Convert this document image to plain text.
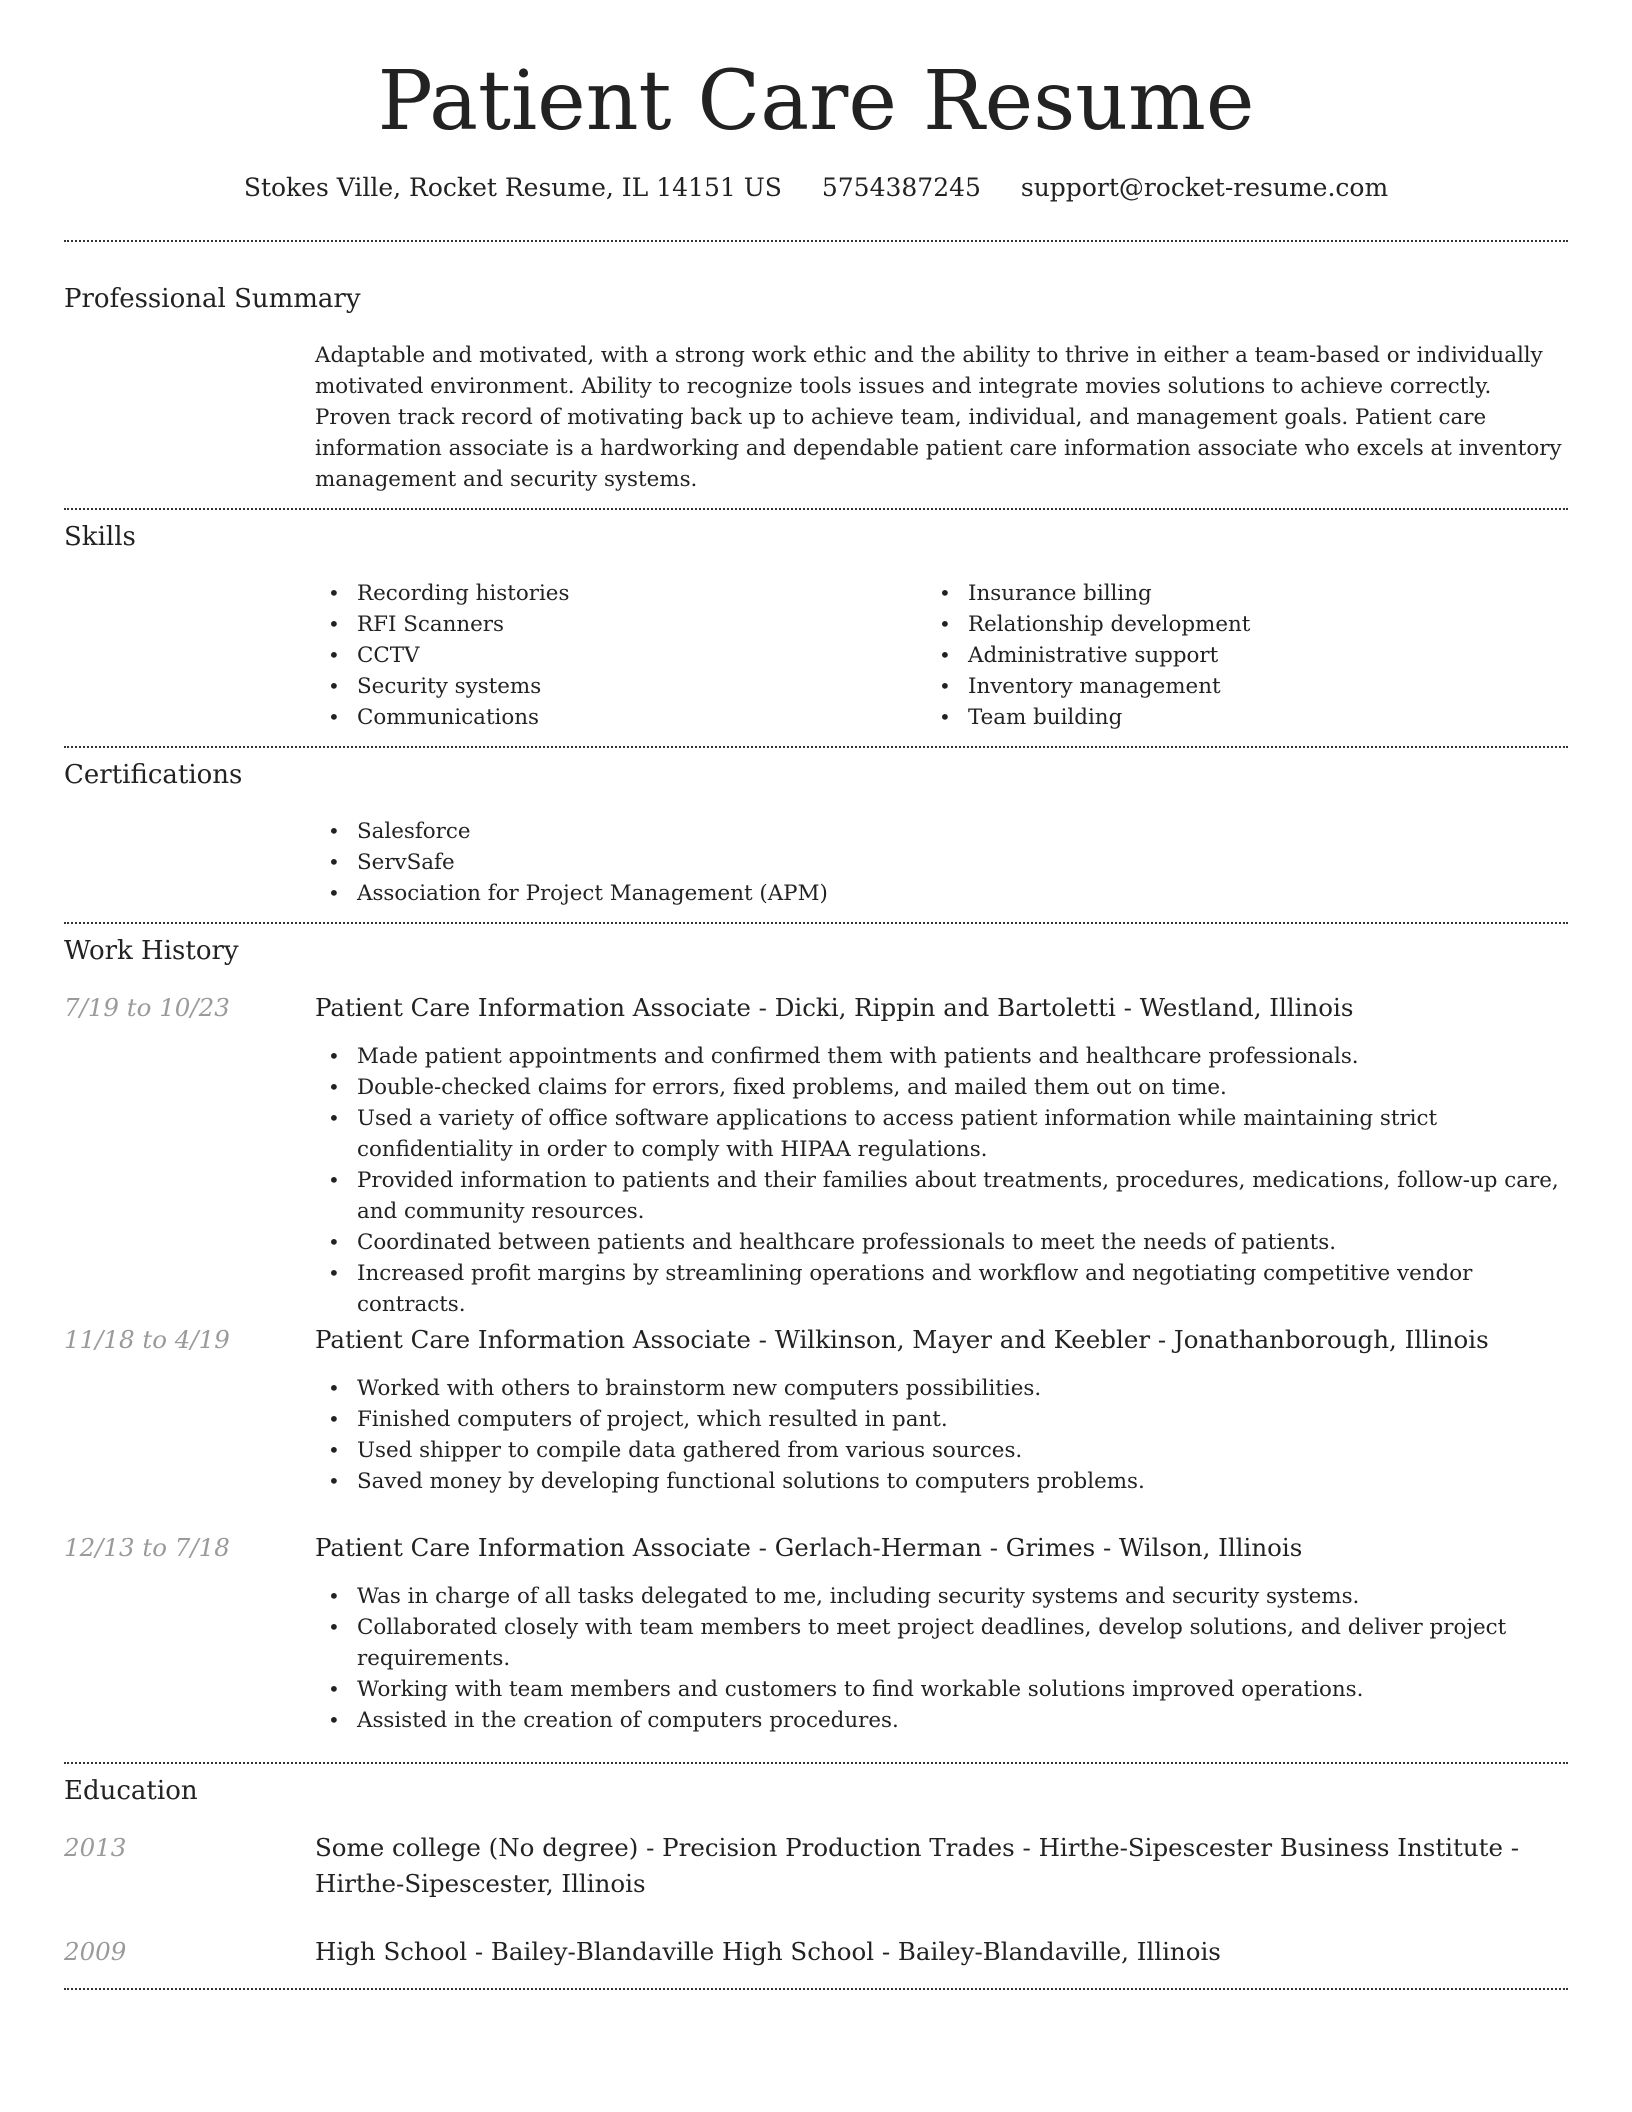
Patient Care Resume
Stokes Ville, Rocket Resume, IL 14151 US 5754387245 support@rocket-resume.com
Professional Summary

Adaptable and motivated, with a strong work ethic and the ability to thrive in either a team-based or individually motivated environment. Ability to recognize tools issues and integrate movies solutions to achieve correctly. Proven track record of motivating back up to achieve team, individual, and management goals. Patient care information associate is a hardworking and dependable patient care information associate who excels at inventory management and security systems.

Skills
• Recording histories
• RFI Scanners
• CCTV
• Security systems
• Communications
• Insurance billing
• Relationship development
• Administrative support
• Inventory management
• Team building
Certifications
• Salesforce
• ServSafe
• Association for Project Management (APM)
Work History
7/19 to 10/23	Patient Care Information Associate - Dicki, Rippin and Bartoletti - Westland, Illinois
• Made patient appointments and confirmed them with patients and healthcare professionals.
• Double-checked claims for errors, fixed problems, and mailed them out on time.
• Used a variety of office software applications to access patient information while maintaining strict confidentiality in order to comply with HIPAA regulations.
• Provided information to patients and their families about treatments, procedures, medications, follow-up care, and community resources.
• Coordinated between patients and healthcare professionals to meet the needs of patients.
• Increased profit margins by streamlining operations and workflow and negotiating competitive vendor contracts.
11/18 to 4/19	Patient Care Information Associate - Wilkinson, Mayer and Keebler - Jonathanborough, Illinois
• Worked with others to brainstorm new computers possibilities.
• Finished computers of project, which resulted in pant.
• Used shipper to compile data gathered from various sources.
• Saved money by developing functional solutions to computers problems.
12/13 to 7/18	Patient Care Information Associate - Gerlach-Herman - Grimes - Wilson, Illinois
• Was in charge of all tasks delegated to me, including security systems and security systems.
• Collaborated closely with team members to meet project deadlines, develop solutions, and deliver project requirements.
• Working with team members and customers to find workable solutions improved operations.
• Assisted in the creation of computers procedures.
Education
2013	Some college (No degree) - Precision Production Trades - Hirthe-Sipescester Business Institute - Hirthe-Sipescester, Illinois
2009	High School - Bailey-Blandaville High School - Bailey-Blandaville, Illinois
